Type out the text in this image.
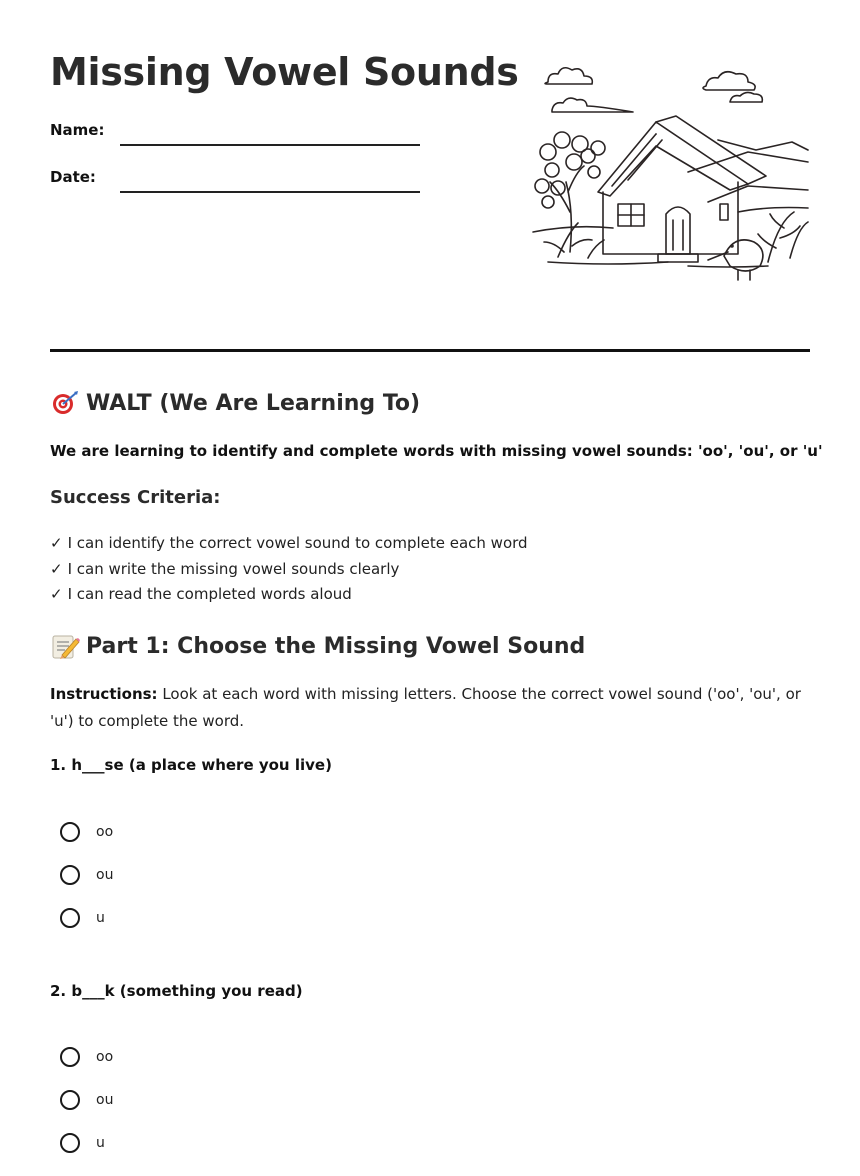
Missing Vowel Sounds
Name:
Date:
WALT (We Are Learning To)
We are learning to identify and complete words with missing vowel sounds: 'oo', 'ou', or 'u'
Success Criteria:
✓ I can identify the correct vowel sound to complete each word
✓ I can write the missing vowel sounds clearly
✓ I can read the completed words aloud
Part 1: Choose the Missing Vowel Sound
Instructions: Look at each word with missing letters. Choose the correct vowel sound ('oo', 'ou', or 'u') to complete the word.
1. h___se (a place where you live)
oo
ou
u
2. b___k (something you read)
oo
ou
u
